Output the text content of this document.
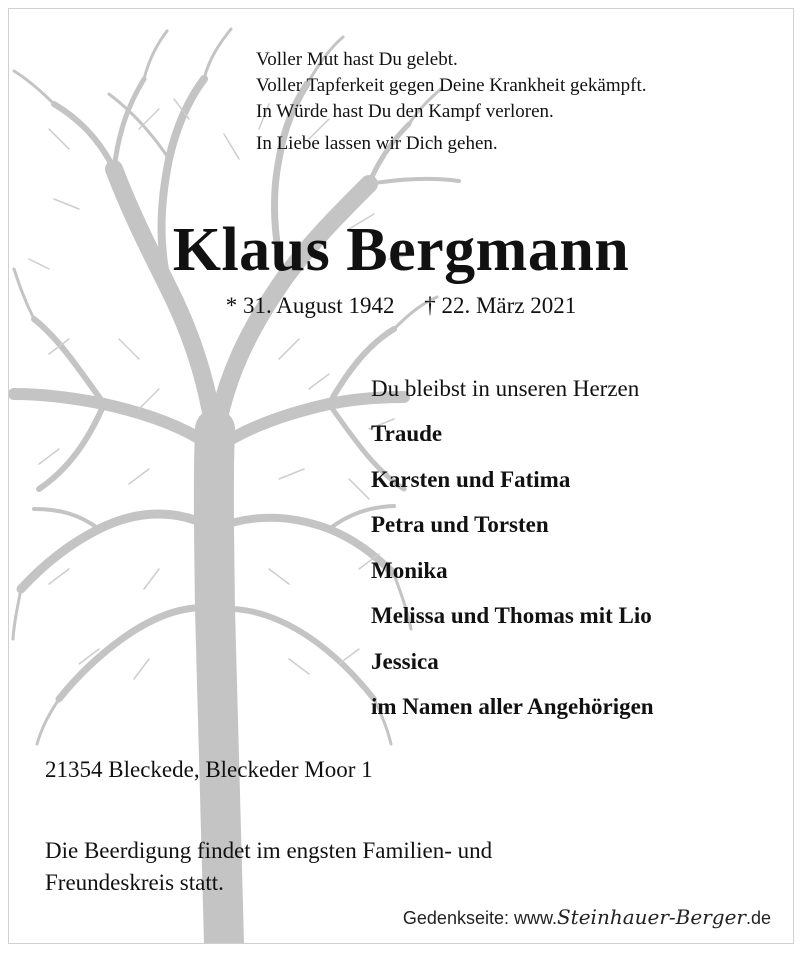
Voller Mut hast Du gelebt.
Voller Tapferkeit gegen Deine Krankheit gekämpft.
In Würde hast Du den Kampf verloren.
In Liebe lassen wir Dich gehen.
Klaus Bergmann
* 31. August 1942 † 22. März 2021
Du bleibst in unseren Herzen
Traude
Karsten und Fatima
Petra und Torsten
Monika
Melissa und Thomas mit Lio
Jessica
im Namen aller Angehörigen
21354 Bleckede, Bleckeder Moor 1
Die Beerdigung findet im engsten Familien- und
Freundeskreis statt.
Gedenkseite: www.Steinhauer-Berger.de
